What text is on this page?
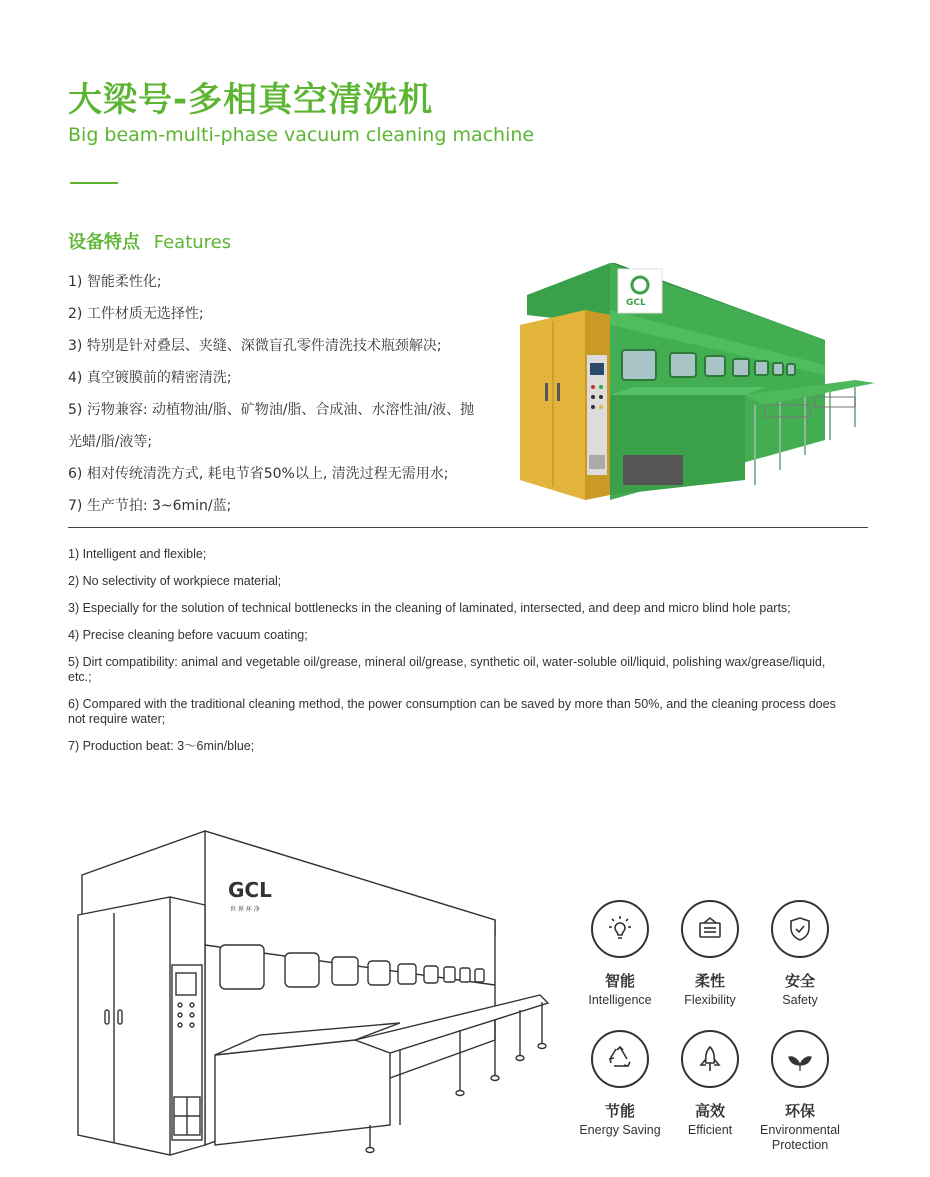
大梁号-多相真空清洗机
Big beam-multi-phase vacuum cleaning machine
设备特点 Features
1) 智能柔性化;
2) 工件材质无选择性;
3) 特别是针对叠层、夹缝、深微盲孔零件清洗技术瓶颈解决;
4) 真空镀膜前的精密清洗;
5) 污物兼容: 动植物油/脂、矿物油/脂、合成油、水溶性油/液、抛
光蜡/脂/液等;
6) 相对传统清洗方式, 耗电节省50%以上, 清洗过程无需用水;
7) 生产节拍: 3~6min/蓝;
GCL
1) Intelligent and flexible;
2) No selectivity of workpiece material;
3) Especially for the solution of technical bottlenecks in the cleaning of laminated, intersected, and deep and micro blind hole parts;
4) Precise cleaning before vacuum coating;
5) Dirt compatibility: animal and vegetable oil/grease, mineral oil/grease, synthetic oil, water-soluble oil/liquid, polishing wax/grease/liquid, etc.;
6) Compared with the traditional cleaning method, the power consumption can be saved by more than 50%, and the cleaning process does not require water;
7) Production beat: 3～6min/blue;
GCL
世 界 环 净
智能
Intelligence
柔性
Flexibility
安全
Safety
节能
Energy Saving
高效
Efficient
环保
Environmental Protection
